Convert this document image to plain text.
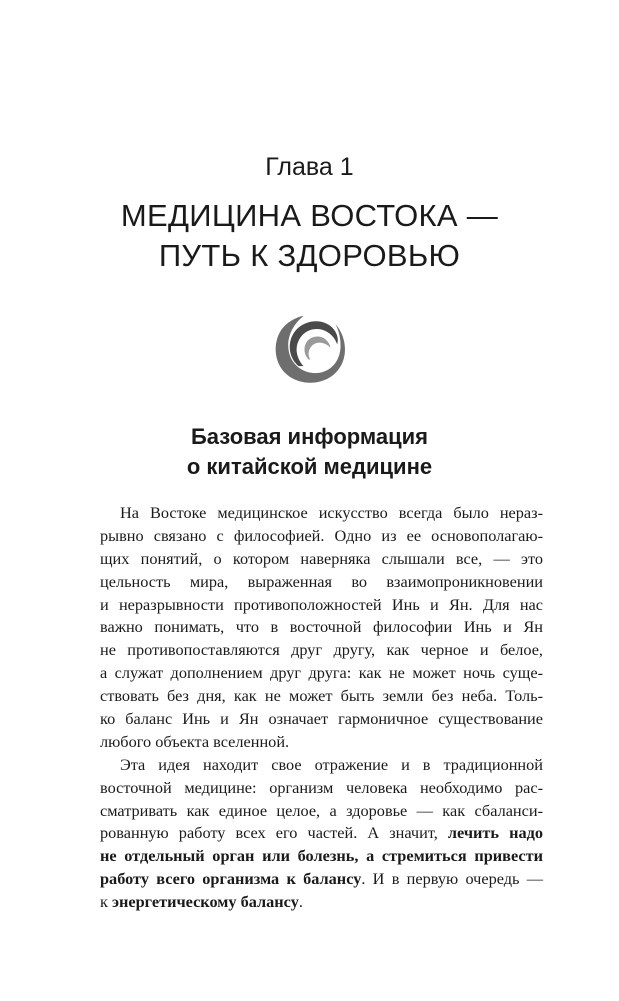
Глава 1
МЕДИЦИНА ВОСТОКА —
ПУТЬ К ЗДОРОВЬЮ
Базовая информация
о китайской медицине
На Востоке медицинское искусство всегда было нераз-
рывно связано с философией. Одно из ее основополагаю-
щих понятий, о котором наверняка слышали все, — это
цельность мира, выраженная во взаимопроникновении
и неразрывности противоположностей Инь и Ян. Для нас
важно понимать, что в восточной философии Инь и Ян
не противопоставляются друг другу, как черное и белое,
а служат дополнением друг друга: как не может ночь суще-
ствовать без дня, как не может быть земли без неба. Толь-
ко баланс Инь и Ян означает гармоничное существование
любого объекта вселенной.
Эта идея находит свое отражение и в традиционной
восточной медицине: организм человека необходимо рас-
сматривать как единое целое, а здоровье — как сбаланси-
рованную работу всех его частей. А значит, лечить надо
не отдельный орган или болезнь, а стремиться привести
работу всего организма к балансу. И в первую очередь —
к энергетическому балансу.
